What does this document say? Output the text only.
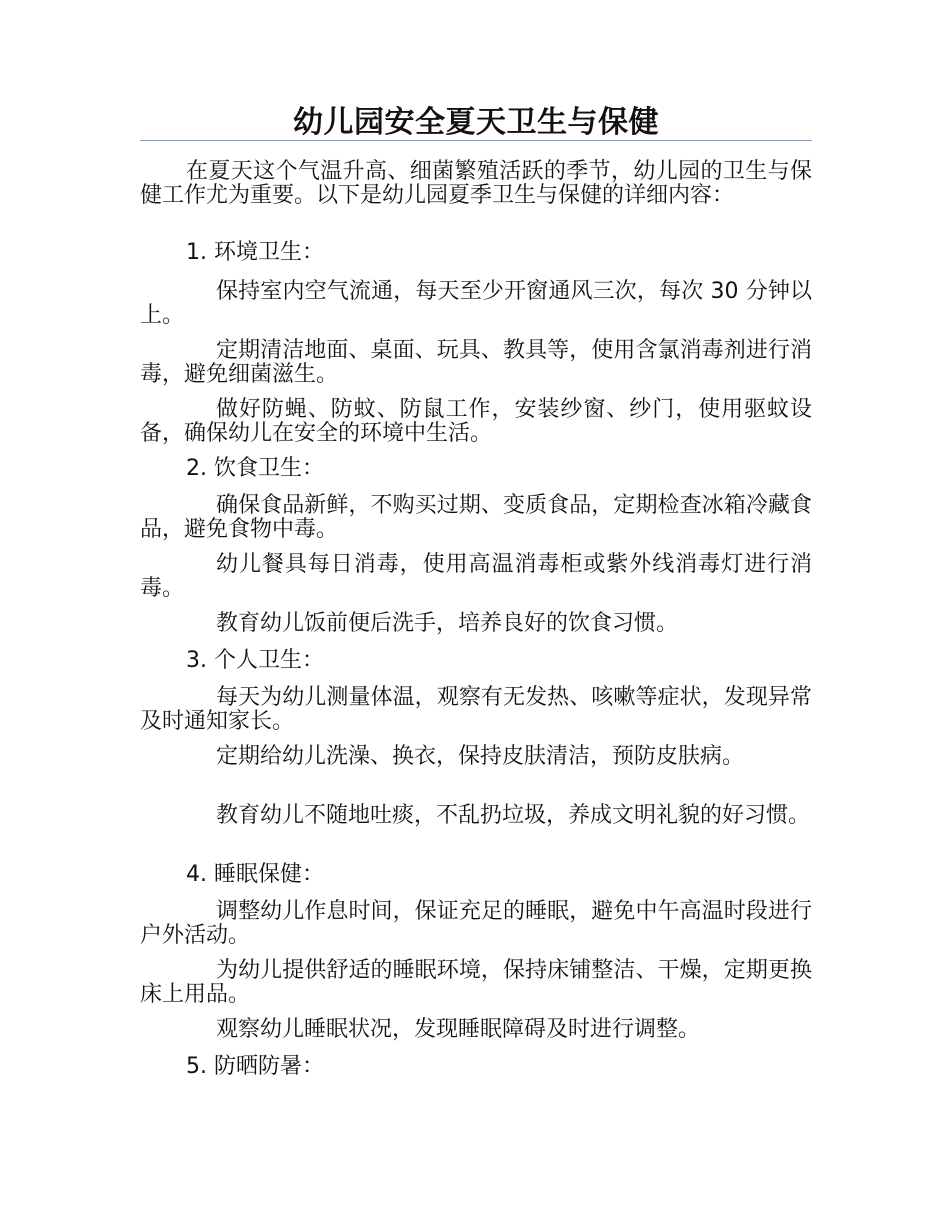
幼儿园安全夏天卫生与保健

在夏天这个气温升高、细菌繁殖活跃的季节，幼儿园的卫生与保健工作尤为重要。以下是幼儿园夏季卫生与保健的详细内容：

1. 环境卫生：

保持室内空气流通，每天至少开窗通风三次，每次 30 分钟以上。

定期清洁地面、桌面、玩具、教具等，使用含氯消毒剂进行消毒，避免细菌滋生。

做好防蝇、防蚊、防鼠工作，安装纱窗、纱门，使用驱蚊设备，确保幼儿在安全的环境中生活。

2. 饮食卫生：

确保食品新鲜，不购买过期、变质食品，定期检查冰箱冷藏食品，避免食物中毒。

幼儿餐具每日消毒，使用高温消毒柜或紫外线消毒灯进行消毒。

教育幼儿饭前便后洗手，培养良好的饮食习惯。

3. 个人卫生：

每天为幼儿测量体温，观察有无发热、咳嗽等症状，发现异常及时通知家长。

定期给幼儿洗澡、换衣，保持皮肤清洁，预防皮肤病。

教育幼儿不随地吐痰，不乱扔垃圾，养成文明礼貌的好习惯。

4. 睡眠保健：

调整幼儿作息时间，保证充足的睡眠，避免中午高温时段进行户外活动。

为幼儿提供舒适的睡眠环境，保持床铺整洁、干燥，定期更换床上用品。

观察幼儿睡眠状况，发现睡眠障碍及时进行调整。

5. 防晒防暑：
